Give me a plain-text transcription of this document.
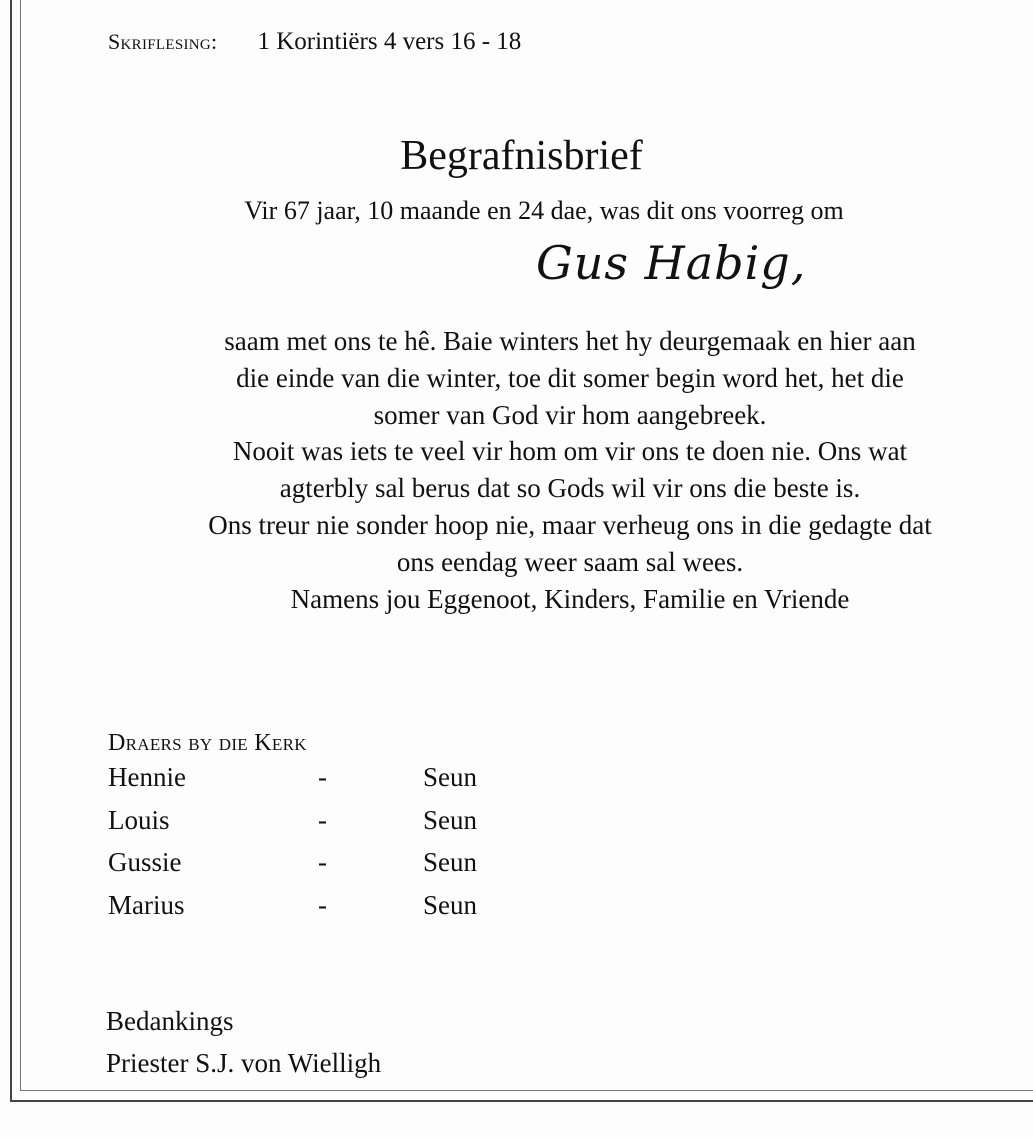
Skriflesing: 1 Korintiërs 4 vers 16 - 18
Begrafnisbrief
Vir 67 jaar, 10 maande en 24 dae, was dit ons voorreg om
Gus Habig,
saam met ons te hê. Baie winters het hy deurgemaak en hier aan
die einde van die winter, toe dit somer begin word het, het die
somer van God vir hom aangebreek.
Nooit was iets te veel vir hom om vir ons te doen nie. Ons wat
agterbly sal berus dat so Gods wil vir ons die beste is.
Ons treur nie sonder hoop nie, maar verheug ons in die gedagte dat
ons eendag weer saam sal wees.
Namens jou Eggenoot, Kinders, Familie en Vriende
Draers by die Kerk
Hennie	-	Seun
Louis	-	Seun
Gussie	-	Seun
Marius	-	Seun
Bedankings
Priester S.J. von Wielligh
